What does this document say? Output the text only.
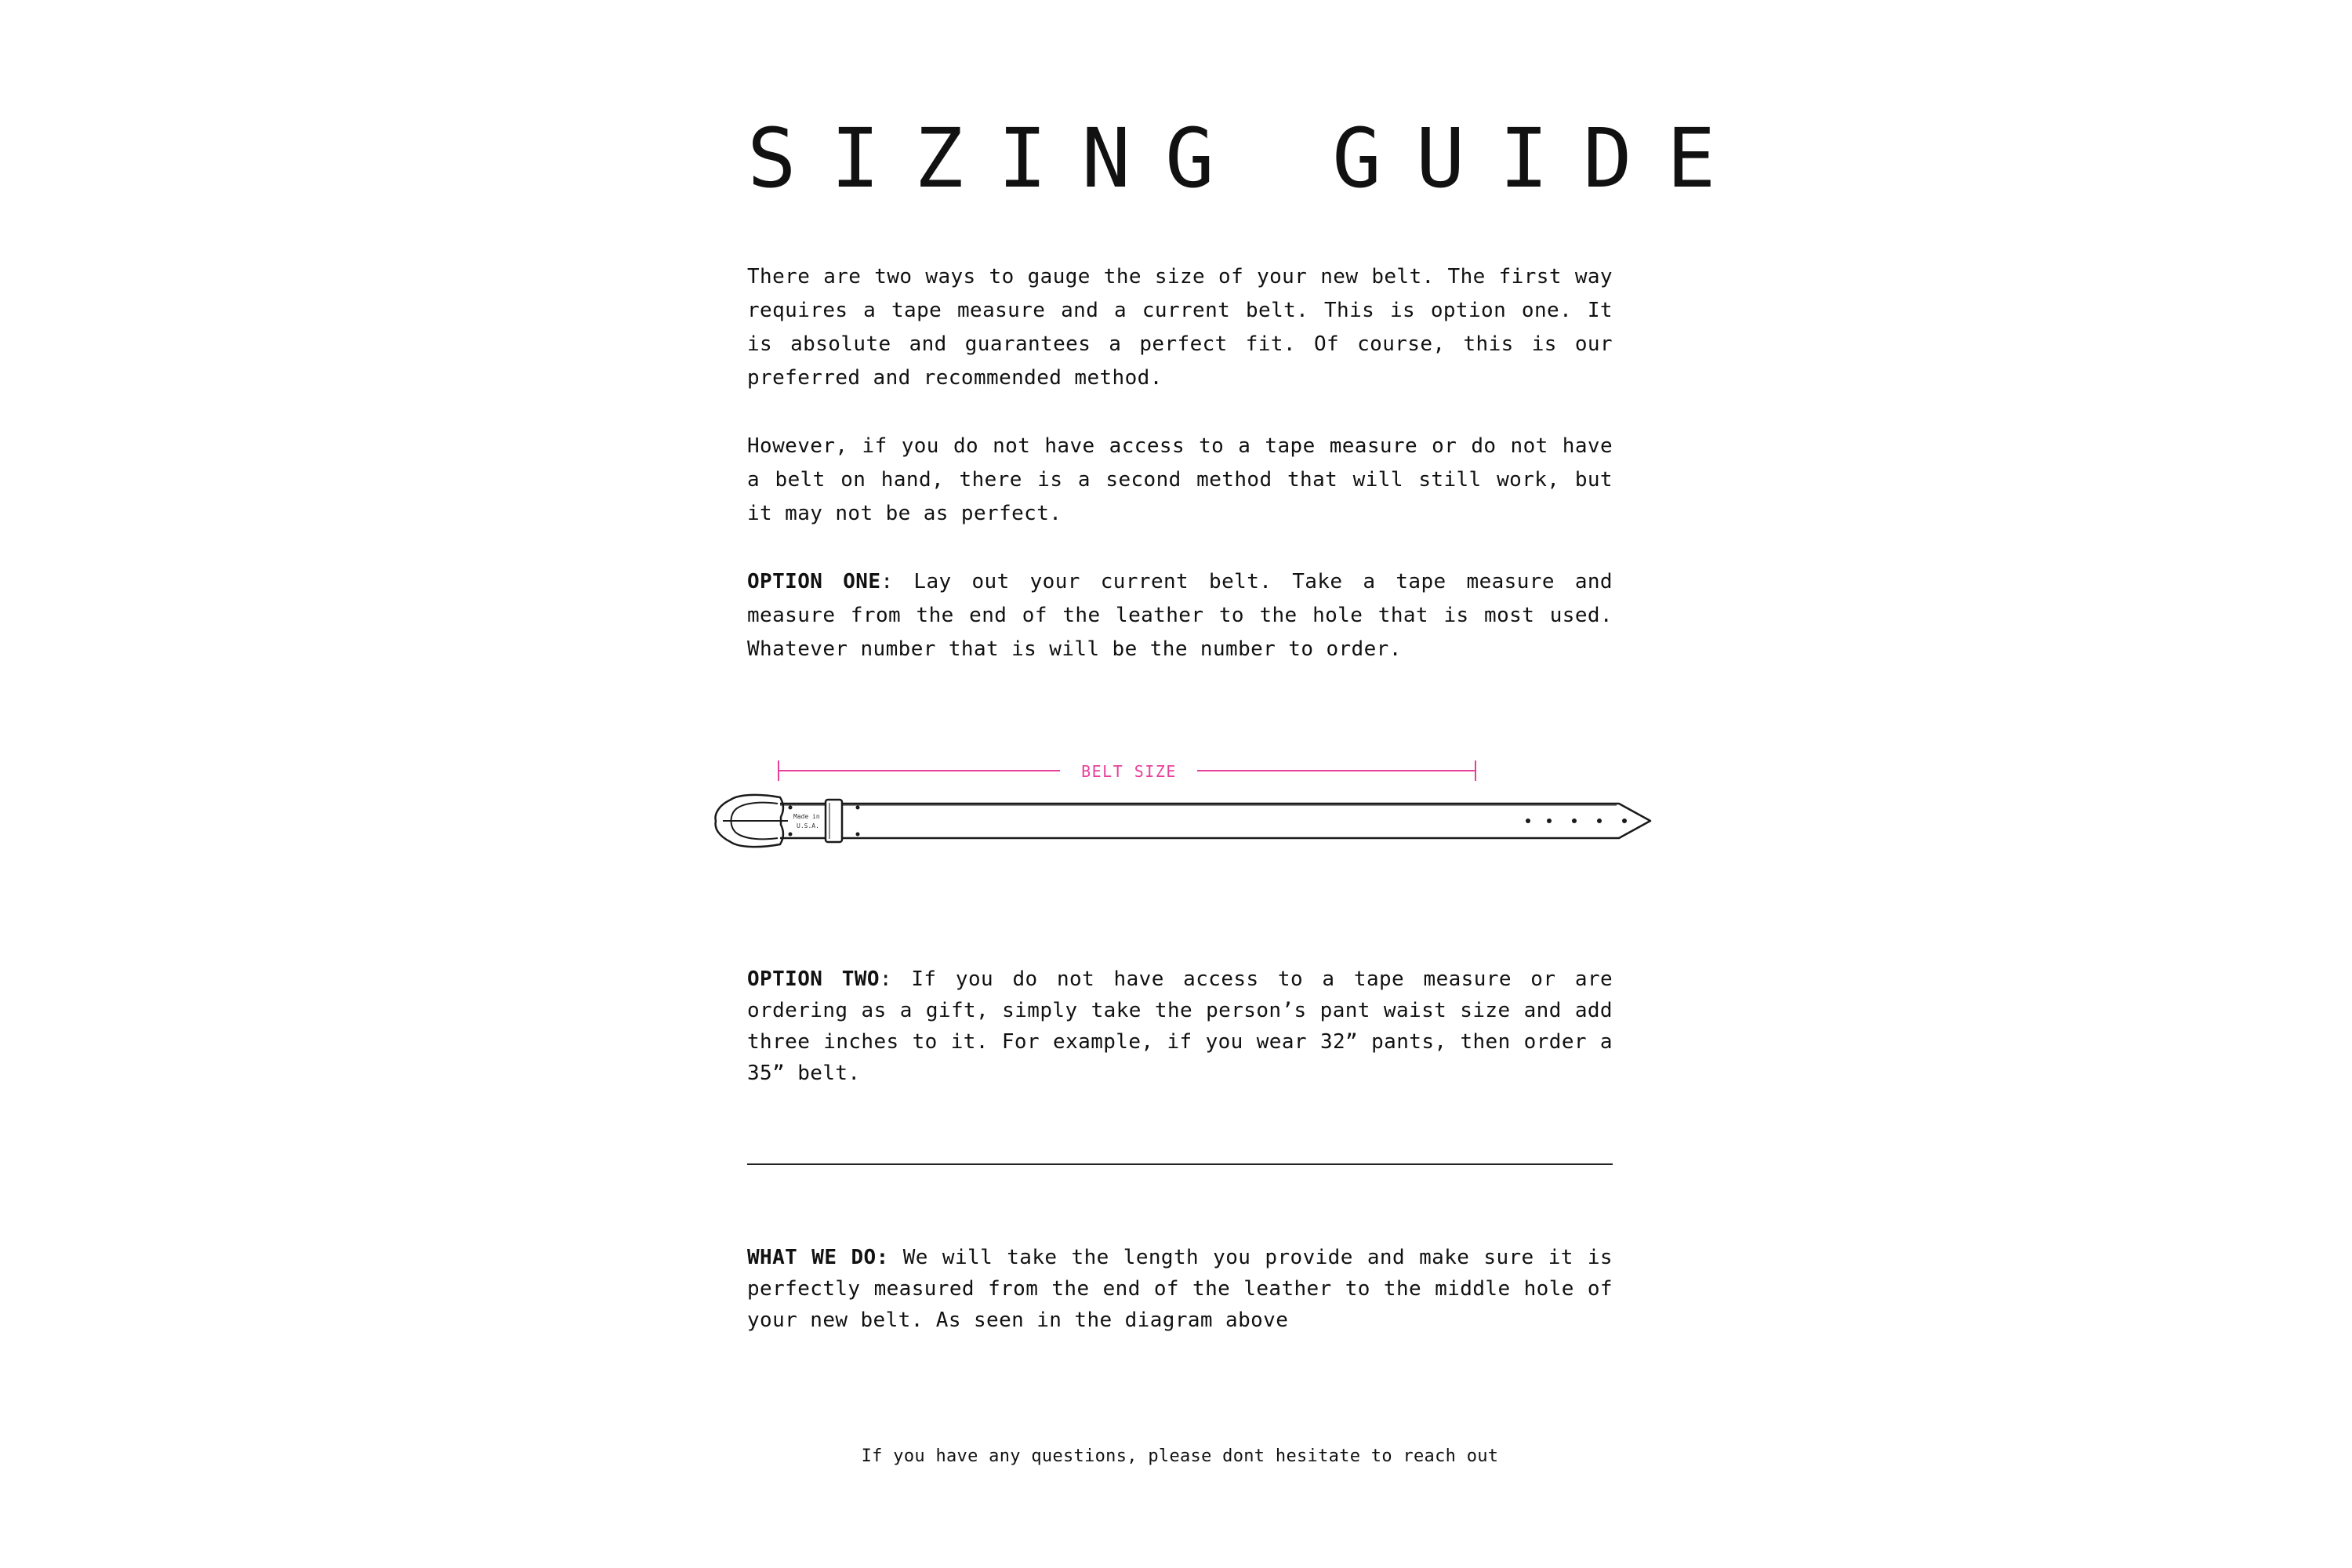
SIZING GUIDE

There are two ways to gauge the size of your new belt. The first way requires a tape measure and a current belt. This is option one. It is absolute and guarantees a perfect fit. Of course, this is our preferred and recommended method.

However, if you do not have access to a tape measure or do not have a belt on hand, there is a second method that will still work, but it may not be as perfect.

OPTION ONE: Lay out your current belt. Take a tape measure and measure from the end of the leather to the hole that is most used. Whatever number that is will be the number to order.

BELT SIZE
Made in
U.S.A.

OPTION TWO: If you do not have access to a tape measure or are ordering as a gift, simply take the person’s pant waist size and add three inches to it. For example, if you wear 32” pants, then order a 35” belt.

WHAT WE DO: We will take the length you provide and make sure it is perfectly measured from the end of the leather to the middle hole of your new belt. As seen in the diagram above

If you have any questions, please dont hesitate to reach out
